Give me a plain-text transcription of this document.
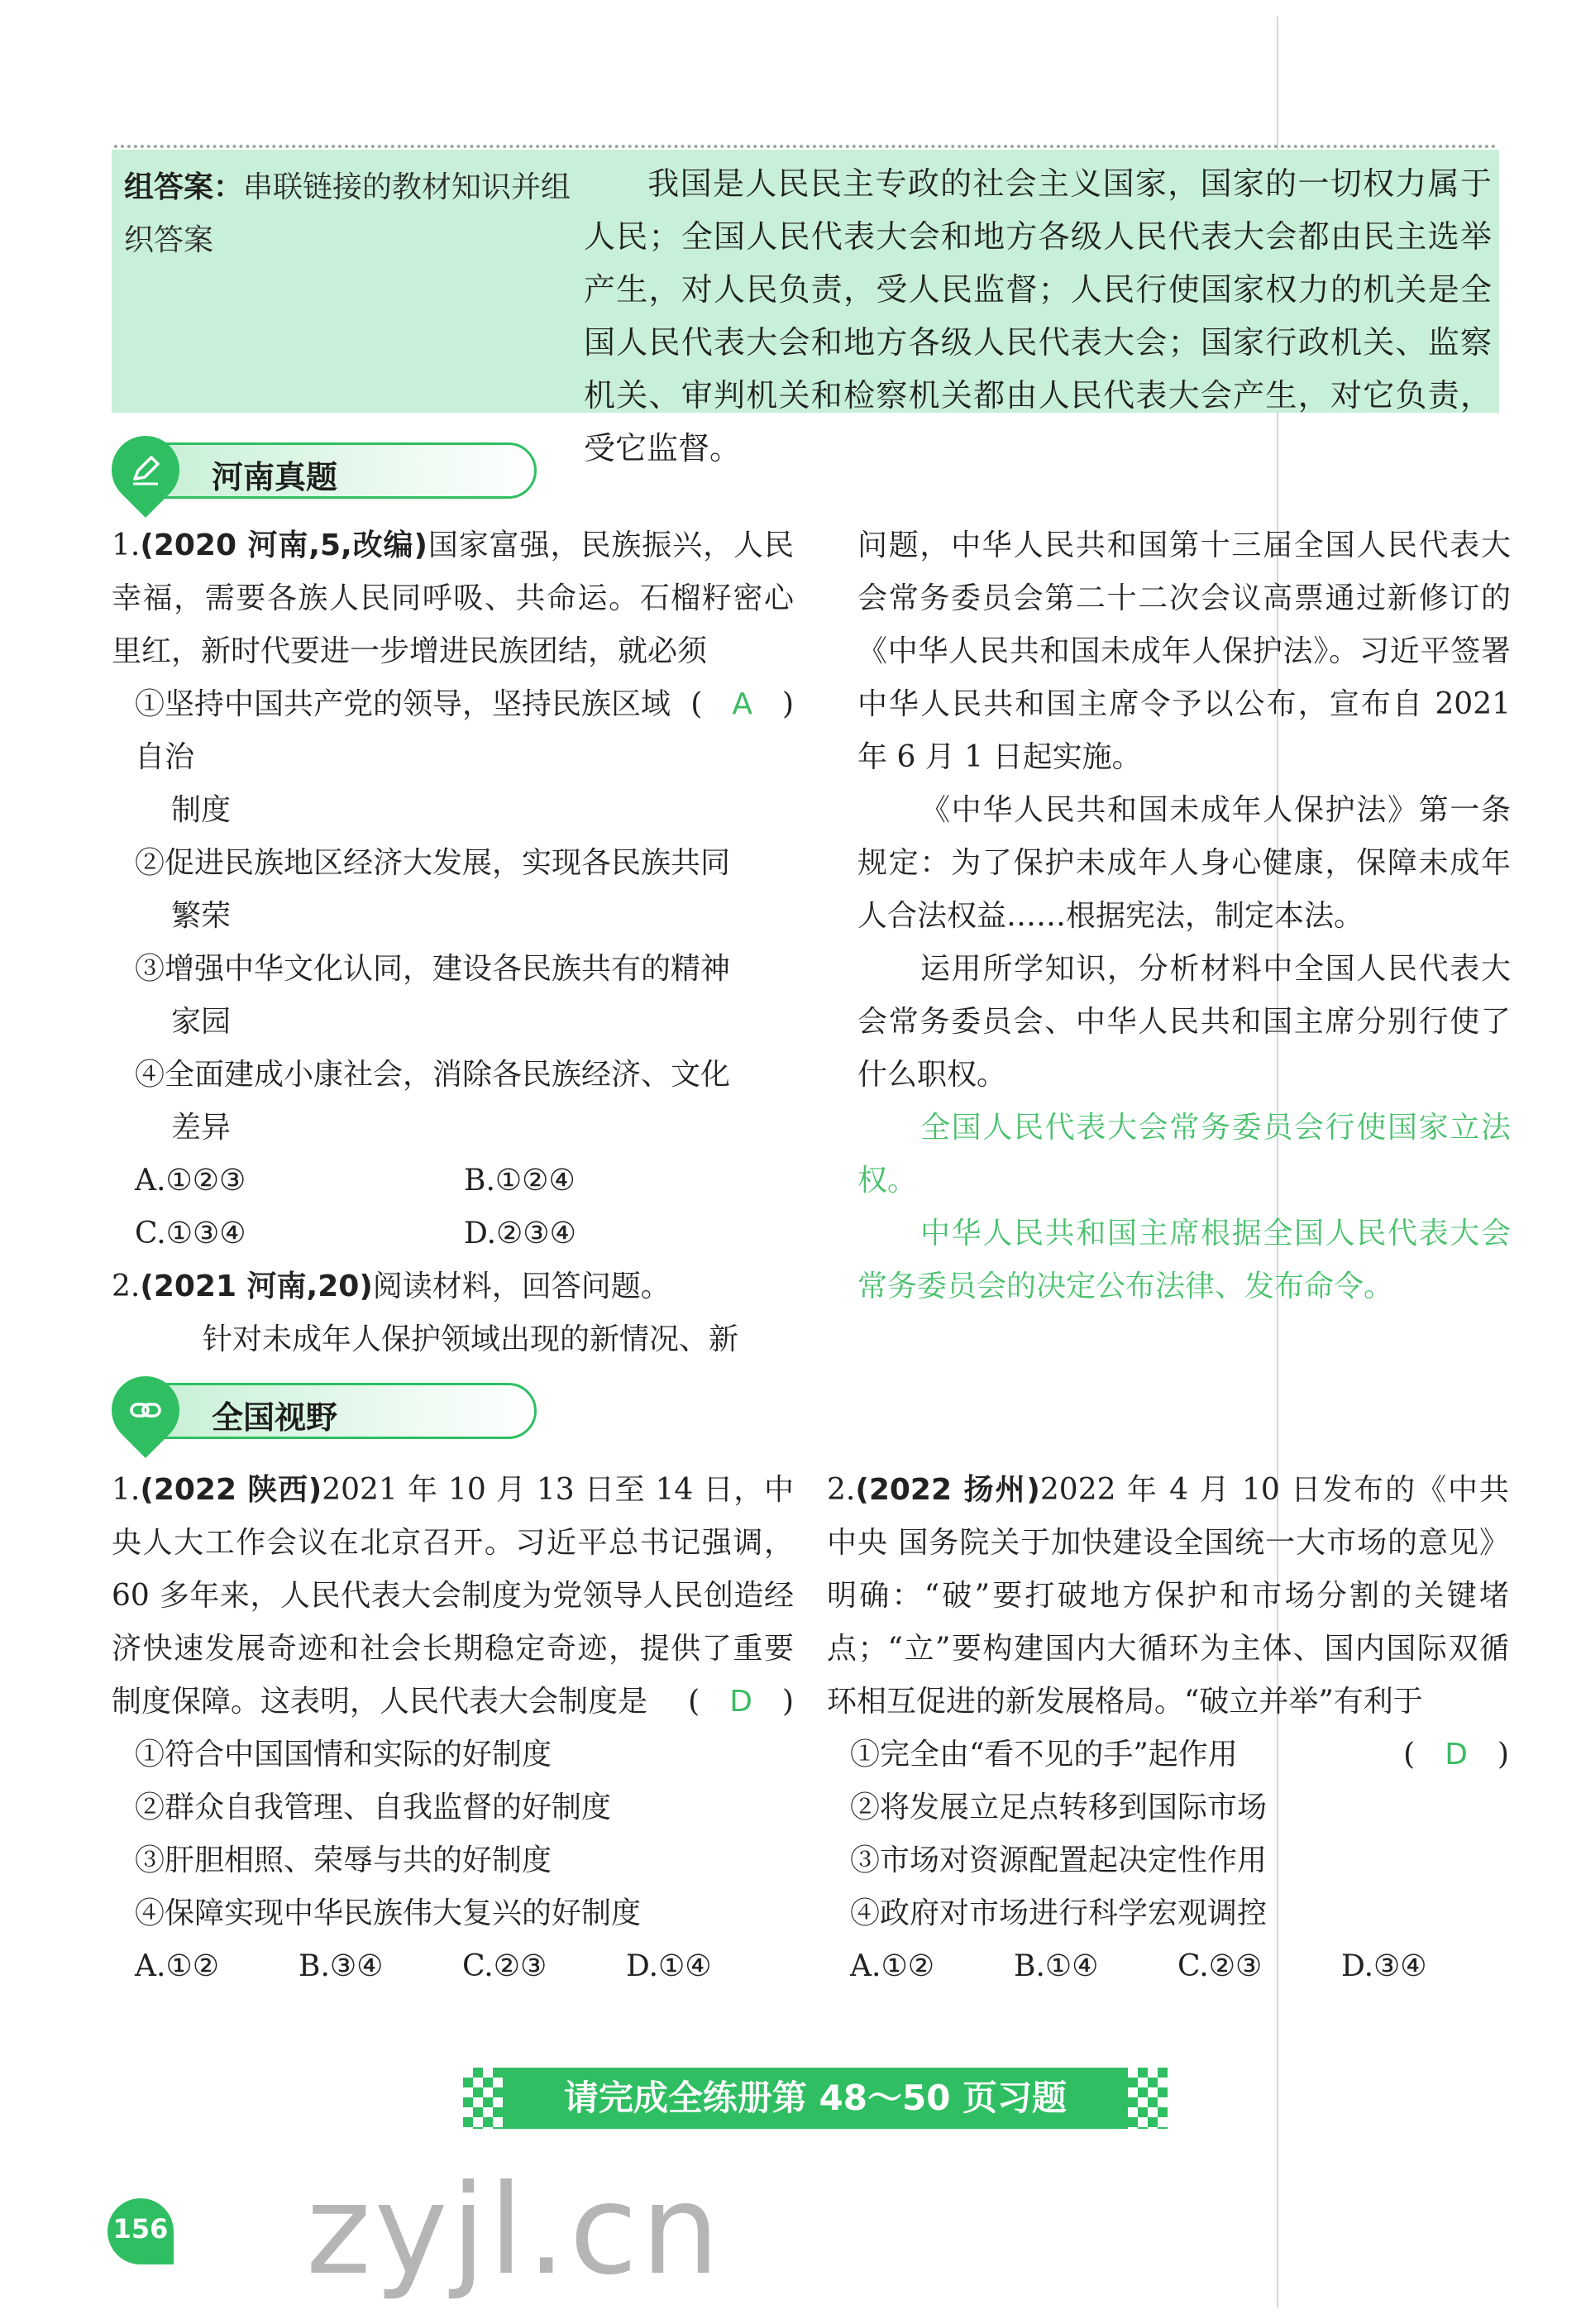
组答案：串联链接的教材知识并组织答案
我国是人民民主专政的社会主义国家，国家的一切权力属于人民；全国人民代表大会和地方各级人民代表大会都由民主选举产生，对人民负责，受人民监督；人民行使国家权力的机关是全国人民代表大会和地方各级人民代表大会；国家行政机关、监察机关、审判机关和检察机关都由人民代表大会产生，对它负责，受它监督。
河南真题
1.(2020 河南,5,改编)国家富强，民族振兴，人民幸福，需要各族人民同呼吸、共命运。石榴籽密心里红，新时代要进一步增进民族团结，就必须
(　A　)
①坚持中国共产党的领导，坚持民族区域自治
制度
②促进民族地区经济大发展，实现各民族共同
繁荣
③增强中华文化认同，建设各民族共有的精神
家园
④全面建成小康社会，消除各民族经济、文化
差异
A.①②③	B.①②④
C.①③④	D.②③④
2.(2021 河南,20)阅读材料，回答问题。
针对未成年人保护领域出现的新情况、新
问题，中华人民共和国第十三届全国人民代表大会常务委员会第二十二次会议高票通过新修订的《中华人民共和国未成年人保护法》。习近平签署中华人民共和国主席令予以公布，宣布自 2021 年 6 月 1 日起实施。
《中华人民共和国未成年人保护法》第一条规定：为了保护未成年人身心健康，保障未成年人合法权益……根据宪法，制定本法。
运用所学知识，分析材料中全国人民代表大会常务委员会、中华人民共和国主席分别行使了什么职权。
全国人民代表大会常务委员会行使国家立法权。
中华人民共和国主席根据全国人民代表大会常务委员会的决定公布法律、发布命令。
全国视野
1.(2022 陕西)2021 年 10 月 13 日至 14 日，中央人大工作会议在北京召开。习近平总书记强调，60 多年来，人民代表大会制度为党领导人民创造经济快速发展奇迹和社会长期稳定奇迹，提供了重要制度保障。这表明，人民代表大会制度是 (　D　)
①符合中国国情和实际的好制度
②群众自我管理、自我监督的好制度
③肝胆相照、荣辱与共的好制度
④保障实现中华民族伟大复兴的好制度
A.①②	B.③④	C.②③	D.①④
2.(2022 扬州)2022 年 4 月 10 日发布的《中共中央 国务院关于加快建设全国统一大市场的意见》明确：“破”要打破地方保护和市场分割的关键堵点；“立”要构建国内大循环为主体、国内国际双循环相互促进的新发展格局。“破立并举”有利于
(　D　)
①完全由“看不见的手”起作用
②将发展立足点转移到国际市场
③市场对资源配置起决定性作用
④政府对市场进行科学宏观调控
A.①②	B.①④	C.②③	D.③④
请完成全练册第 48～50 页习题
156 zyjl.cn
